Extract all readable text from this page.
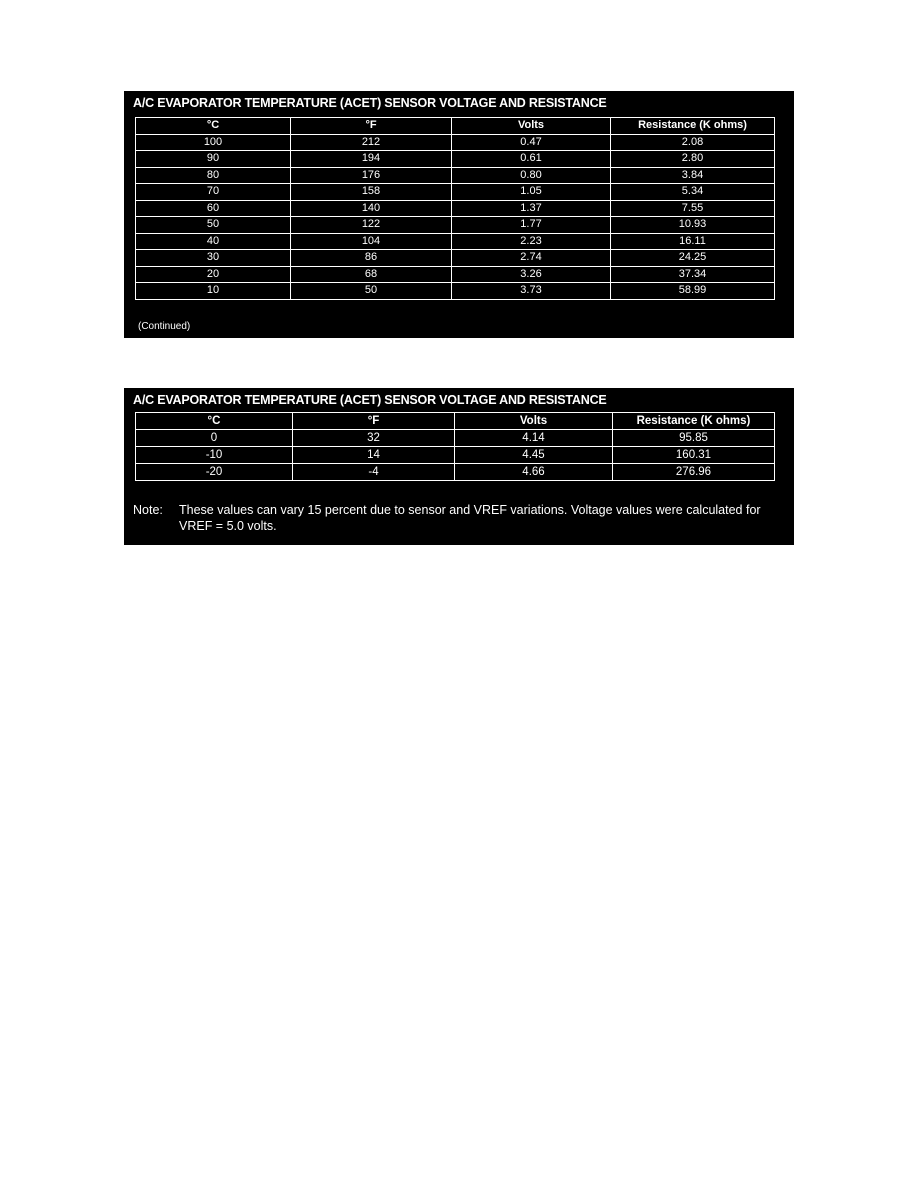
A/C EVAPORATOR TEMPERATURE (ACET) SENSOR VOLTAGE AND RESISTANCE
°C	°F	Volts	Resistance (K ohms)
100	212	0.47	2.08
90	194	0.61	2.80
80	176	0.80	3.84
70	158	1.05	5.34
60	140	1.37	7.55
50	122	1.77	10.93
40	104	2.23	16.11
30	86	2.74	24.25
20	68	3.26	37.34
10	50	3.73	58.99
(Continued)
A/C EVAPORATOR TEMPERATURE (ACET) SENSOR VOLTAGE AND RESISTANCE
°C	°F	Volts	Resistance (K ohms)
0	32	4.14	95.85
-10	14	4.45	160.31
-20	-4	4.66	276.96
Note: These values can vary 15 percent due to sensor and VREF variations. Voltage values were calculated for VREF = 5.0 volts.
